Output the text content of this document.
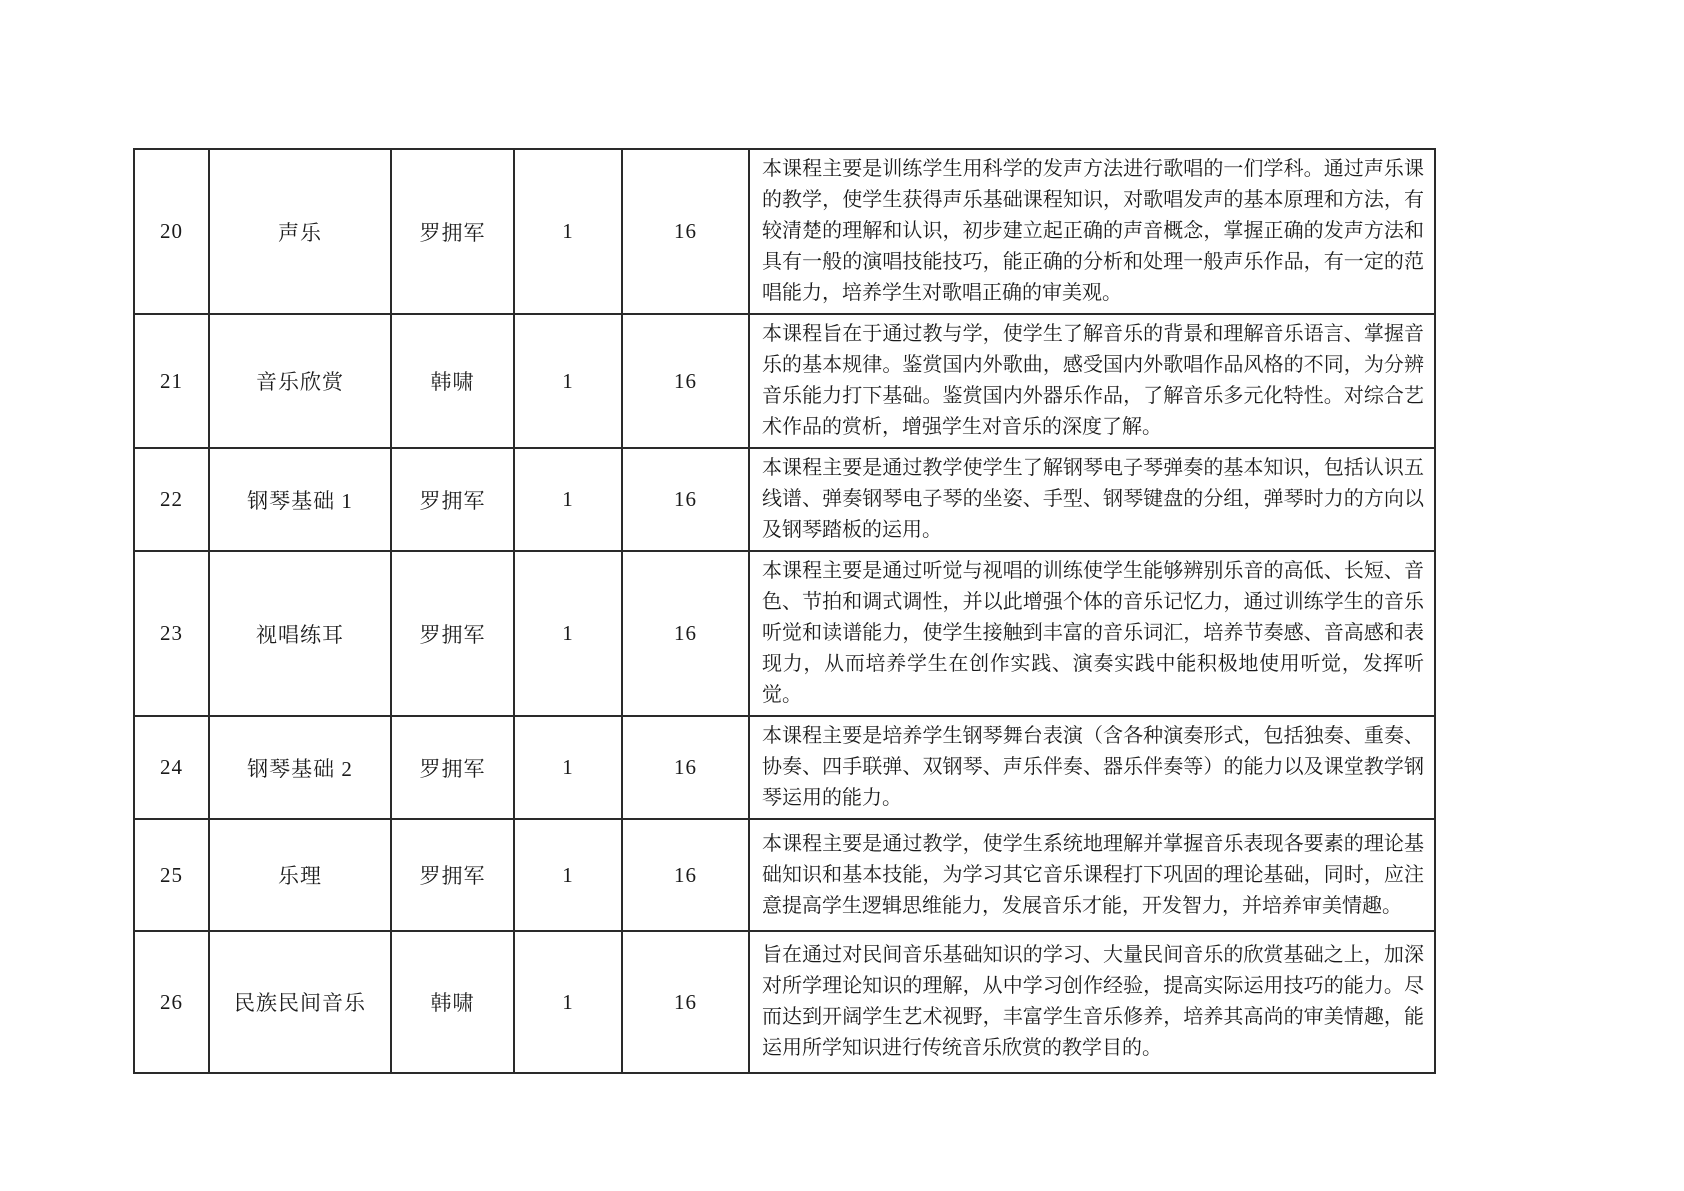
20	声乐	罗拥军	1	16	本课程主要是训练学生用科学的发声方法进行歌唱的一们学科。通过声乐课的教学，使学生获得声乐基础课程知识，对歌唱发声的基本原理和方法，有较清楚的理解和认识，初步建立起正确的声音概念，掌握正确的发声方法和具有一般的演唱技能技巧，能正确的分析和处理一般声乐作品，有一定的范唱能力，培养学生对歌唱正确的审美观。
21	音乐欣赏	韩啸	1	16	本课程旨在于通过教与学，使学生了解音乐的背景和理解音乐语言、掌握音乐的基本规律。鉴赏国内外歌曲，感受国内外歌唱作品风格的不同，为分辨音乐能力打下基础。鉴赏国内外器乐作品，了解音乐多元化特性。对综合艺术作品的赏析，增强学生对音乐的深度了解。
22	钢琴基础 1	罗拥军	1	16	本课程主要是通过教学使学生了解钢琴电子琴弹奏的基本知识，包括认识五线谱、弹奏钢琴电子琴的坐姿、手型、钢琴键盘的分组，弹琴时力的方向以及钢琴踏板的运用。
23	视唱练耳	罗拥军	1	16	本课程主要是通过听觉与视唱的训练使学生能够辨别乐音的高低、长短、音色、节拍和调式调性，并以此增强个体的音乐记忆力，通过训练学生的音乐听觉和读谱能力，使学生接触到丰富的音乐词汇，培养节奏感、音高感和表现力，从而培养学生在创作实践、演奏实践中能积极地使用听觉，发挥听觉。
24	钢琴基础 2	罗拥军	1	16	本课程主要是培养学生钢琴舞台表演（含各种演奏形式，包括独奏、重奏、协奏、四手联弹、双钢琴、声乐伴奏、器乐伴奏等）的能力以及课堂教学钢琴运用的能力。
25	乐理	罗拥军	1	16	本课程主要是通过教学，使学生系统地理解并掌握音乐表现各要素的理论基础知识和基本技能，为学习其它音乐课程打下巩固的理论基础，同时，应注意提高学生逻辑思维能力，发展音乐才能，开发智力，并培养审美情趣。
26	民族民间音乐	韩啸	1	16	旨在通过对民间音乐基础知识的学习、大量民间音乐的欣赏基础之上，加深对所学理论知识的理解，从中学习创作经验，提高实际运用技巧的能力。尽而达到开阔学生艺术视野，丰富学生音乐修养，培养其高尚的审美情趣，能运用所学知识进行传统音乐欣赏的教学目的。
